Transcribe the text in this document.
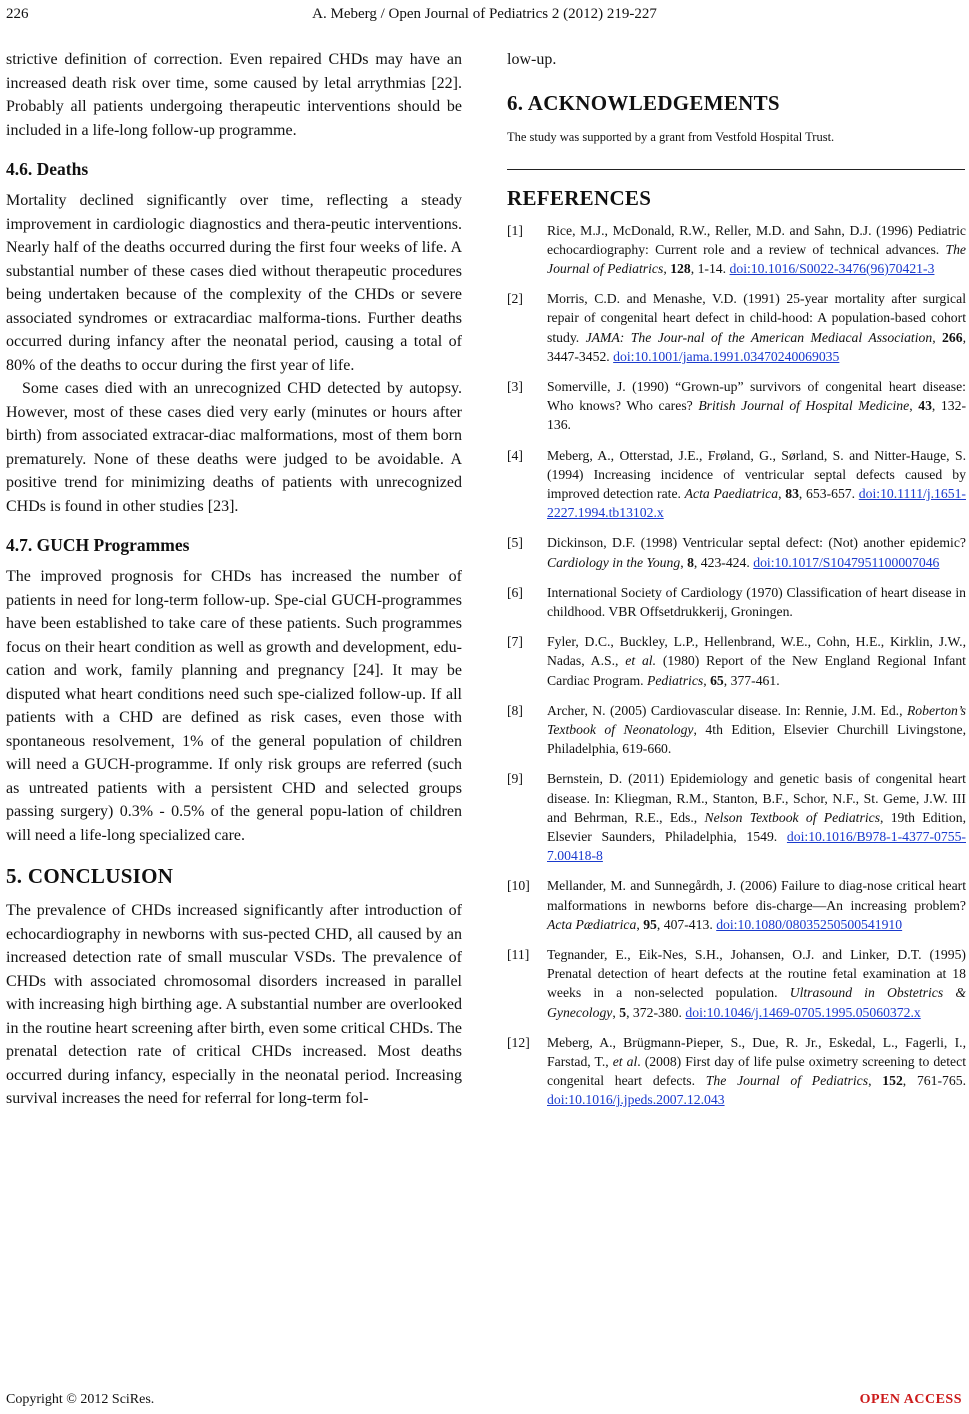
226	A. Meberg / Open Journal of Pediatrics 2 (2012) 219-227

strictive definition of correction. Even repaired CHDs may have an increased death risk over time, some caused by letal arrythmias [22]. Probably all patients undergoing therapeutic interventions should be included in a life-long follow-up programme.

4.6. Deaths

Mortality declined significantly over time, reflecting a steady improvement in cardiologic diagnostics and thera-peutic interventions. Nearly half of the deaths occurred during the first four weeks of life. A substantial number of these cases died without therapeutic procedures being undertaken because of the complexity of the CHDs or severe associated syndromes or extracardiac malforma-tions. Further deaths occurred during infancy after the neonatal period, causing a total of 80% of the deaths to occur during the first year of life.

Some cases died with an unrecognized CHD detected by autopsy. However, most of these cases died very early (minutes or hours after birth) from associated extracar-diac malformations, most of them born prematurely. None of these deaths were judged to be avoidable. A positive trend for minimizing deaths of patients with unrecognized CHDs is found in other studies [23].

4.7. GUCH Programmes

The improved prognosis for CHDs has increased the number of patients in need for long-term follow-up. Spe-cial GUCH-programmes have been established to take care of these patients. Such programmes focus on their heart condition as well as growth and development, edu-cation and work, family planning and pregnancy [24]. It may be disputed what heart conditions need such spe-cialized follow-up. If all patients with a CHD are defined as risk cases, even those with spontaneous resolvement, 1% of the general population of children will need a GUCH-programme. If only risk groups are referred (such as untreated patients with a persistent CHD and selected groups passing surgery) 0.3% - 0.5% of the general popu-lation of children will need a life-long specialized care.

5. CONCLUSION

The prevalence of CHDs increased significantly after introduction of echocardiography in newborns with sus-pected CHD, all caused by an increased detection rate of small muscular VSDs. The prevalence of CHDs with associated chromosomal disorders increased in parallel with increasing high birthing age. A substantial number are overlooked in the routine heart screening after birth, even some critical CHDs. The prenatal detection rate of critical CHDs increased. Most deaths occurred during infancy, especially in the neonatal period. Increasing survival increases the need for referral for long-term fol-

low-up.

6. ACKNOWLEDGEMENTS

The study was supported by a grant from Vestfold Hospital Trust.

REFERENCES
[1] Rice, M.J., McDonald, R.W., Reller, M.D. and Sahn, D.J. (1996) Pediatric echocardiography: Current role and a review of technical advances. The Journal of Pediatrics, 128, 1-14. doi:10.1016/S0022-3476(96)70421-3
[2] Morris, C.D. and Menashe, V.D. (1991) 25-year mortality after surgical repair of congenital heart defect in child-hood: A population-based cohort study. JAMA: The Jour-nal of the American Mediacal Association, 266, 3447-3452. doi:10.1001/jama.1991.03470240069035
[3] Somerville, J. (1990) “Grown-up” survivors of congenital heart disease: Who knows? Who cares? British Journal of Hospital Medicine, 43, 132-136.
[4] Meberg, A., Otterstad, J.E., Frøland, G., Sørland, S. and Nitter-Hauge, S. (1994) Increasing incidence of ventricular septal defects caused by improved detection rate. Acta Paediatrica, 83, 653-657. doi:10.1111/j.1651-2227.1994.tb13102.x
[5] Dickinson, D.F. (1998) Ventricular septal defect: (Not) another epidemic? Cardiology in the Young, 8, 423-424. doi:10.1017/S1047951100007046
[6] International Society of Cardiology (1970) Classification of heart disease in childhood. VBR Offsetdrukkerij, Groningen.
[7] Fyler, D.C., Buckley, L.P., Hellenbrand, W.E., Cohn, H.E., Kirklin, J.W., Nadas, A.S., et al. (1980) Report of the New England Regional Infant Cardiac Program. Pediatrics, 65, 377-461.
[8] Archer, N. (2005) Cardiovascular disease. In: Rennie, J.M. Ed., Roberton’s Textbook of Neonatology, 4th Edition, Elsevier Churchill Livingstone, Philadelphia, 619-660.
[9] Bernstein, D. (2011) Epidemiology and genetic basis of congenital heart disease. In: Kliegman, R.M., Stanton, B.F., Schor, N.F., St. Geme, J.W. III and Behrman, R.E., Eds., Nelson Textbook of Pediatrics, 19th Edition, Elsevier Saunders, Philadelphia, 1549. doi:10.1016/B978-1-4377-0755-7.00418-8
[10] Mellander, M. and Sunnegårdh, J. (2006) Failure to diag-nose critical heart malformations in newborns before dis-charge—An increasing problem? Acta Pædiatrica, 95, 407-413. doi:10.1080/08035250500541910
[11] Tegnander, E., Eik-Nes, S.H., Johansen, O.J. and Linker, D.T. (1995) Prenatal detection of heart defects at the routine fetal examination at 18 weeks in a non-selected population. Ultrasound in Obstetrics & Gynecology, 5, 372-380. doi:10.1046/j.1469-0705.1995.05060372.x
[12] Meberg, A., Brügmann-Pieper, S., Due, R. Jr., Eskedal, L., Fagerli, I., Farstad, T., et al. (2008) First day of life pulse oximetry screening to detect congenital heart defects. The Journal of Pediatrics, 152, 761-765. doi:10.1016/j.jpeds.2007.12.043
Copyright © 2012 SciRes.	OPEN ACCESS
